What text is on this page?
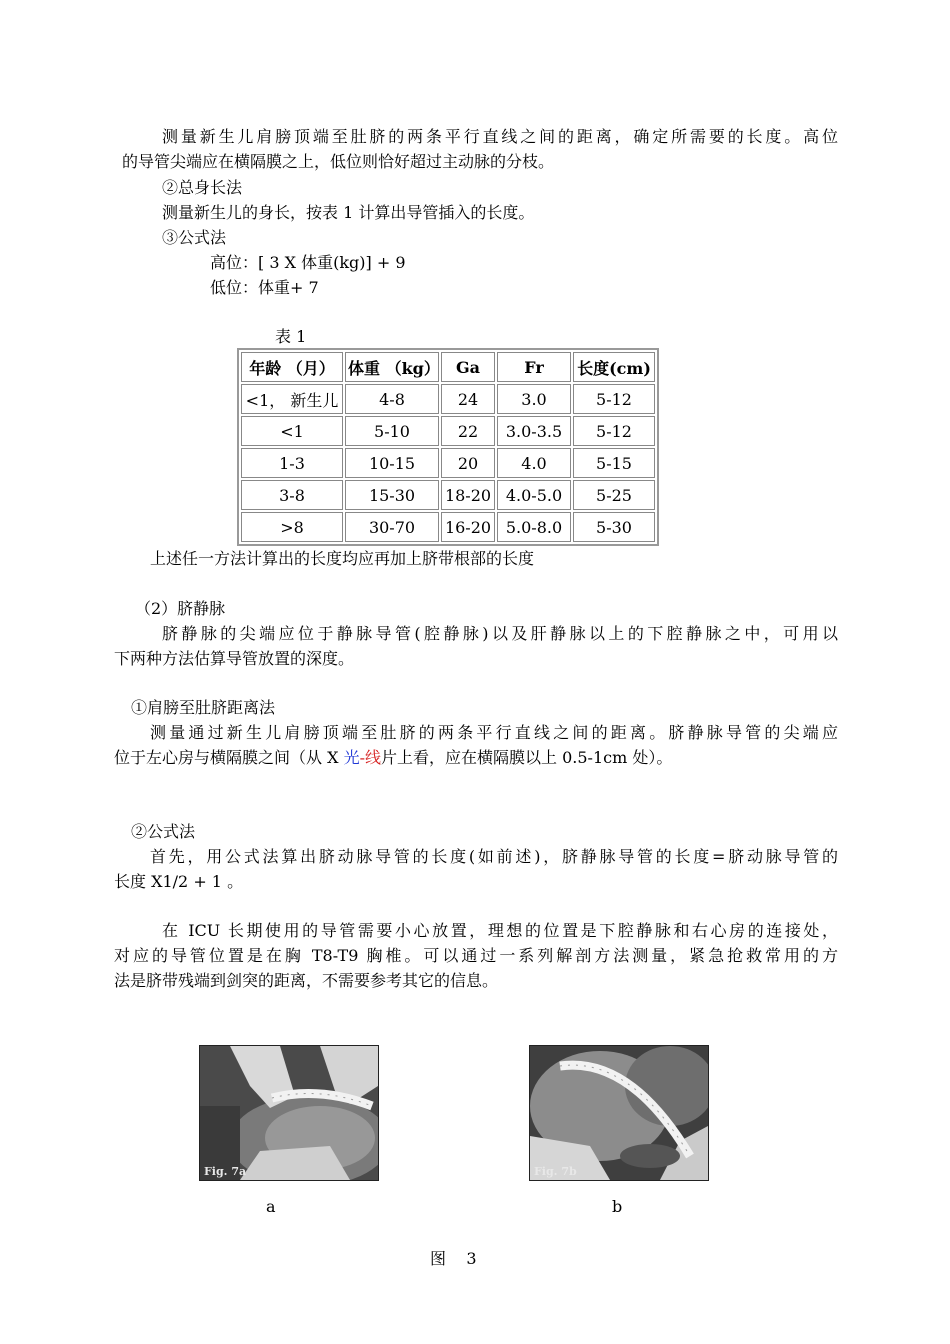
测量新生儿肩膀顶端至肚脐的两条平行直线之间的距离，确定所需要的长度。高位
的导管尖端应在横隔膜之上，低位则恰好超过主动脉的分枝。
②总身长法
测量新生儿的身长，按表 1 计算出导管插入的长度。
③公式法
高位：[ 3 X 体重(kg)] + 9
低位：体重+ 7
表 1
年龄 （月）	体重 （kg）	Ga	Fr	长度(cm)
<1， 新生儿	4-8	24	3.0	5-12
<1	5-10	22	3.0-3.5	5-12
1-3	10-15	20	4.0	5-15
3-8	15-30	18-20	4.0-5.0	5-25
>8	30-70	16-20	5.0-8.0	5-30
上述任一方法计算出的长度均应再加上脐带根部的长度
（2）脐静脉
脐静脉的尖端应位于静脉导管(腔静脉)以及肝静脉以上的下腔静脉之中，可用以
下两种方法估算导管放置的深度。
①肩膀至肚脐距离法
测量通过新生儿肩膀顶端至肚脐的两条平行直线之间的距离。脐静脉导管的尖端应
位于左心房与横隔膜之间（从 X 光-线片上看，应在横隔膜以上 0.5-1cm 处）。
②公式法
首先，用公式法算出脐动脉导管的长度(如前述)，脐静脉导管的长度=脐动脉导管的
长度 X1/2 + 1 。
在 ICU 长期使用的导管需要小心放置，理想的位置是下腔静脉和右心房的连接处，
对应的导管位置是在胸 T8-T9 胸椎。可以通过一系列解剖方法测量，紧急抢救常用的方
法是脐带残端到剑突的距离，不需要参考其它的信息。
Fig. 7a	Fig. 7b
a	b
图    3
